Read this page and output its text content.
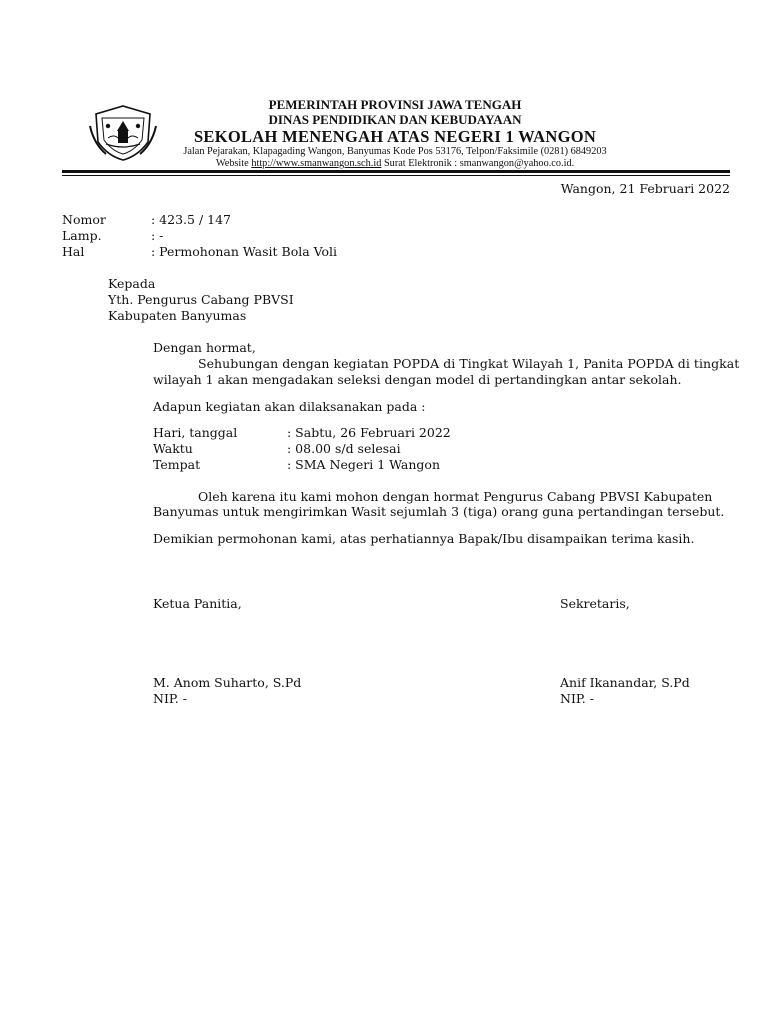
PEMERINTAH PROVINSI JAWA TENGAH
DINAS PENDIDIKAN DAN KEBUDAYAAN
SEKOLAH MENENGAH ATAS NEGERI 1 WANGON
Jalan Pejarakan, Klapagading Wangon, Banyumas Kode Pos 53176, Telpon/Faksimile (0281) 6849203
Website http://www.smanwangon.sch.id Surat Elektronik : smanwangon@yahoo.co.id.
Wangon, 21 Februari 2022
Nomor	: 423.5 / 147
Lamp.	: -
Hal	: Permohonan Wasit Bola Voli
Kepada
Yth. Pengurus Cabang PBVSI
Kabupaten Banyumas
Dengan hormat,
Sehubungan dengan kegiatan POPDA di Tingkat Wilayah 1, Panita POPDA di tingkat
wilayah 1 akan mengadakan seleksi dengan model di pertandingkan antar sekolah.
Adapun kegiatan akan dilaksanakan pada :
Hari, tanggal	: Sabtu, 26 Februari 2022
Waktu	: 08.00 s/d selesai
Tempat	: SMA Negeri 1 Wangon
Oleh karena itu kami mohon dengan hormat Pengurus Cabang PBVSI Kabupaten
Banyumas untuk mengirimkan Wasit sejumlah 3 (tiga) orang guna pertandingan tersebut.
Demikian permohonan kami, atas perhatiannya Bapak/Ibu disampaikan terima kasih.
Ketua Panitia,	Sekretaris,
M. Anom Suharto, S.Pd	Anif Ikanandar, S.Pd
NIP. -	NIP. -
